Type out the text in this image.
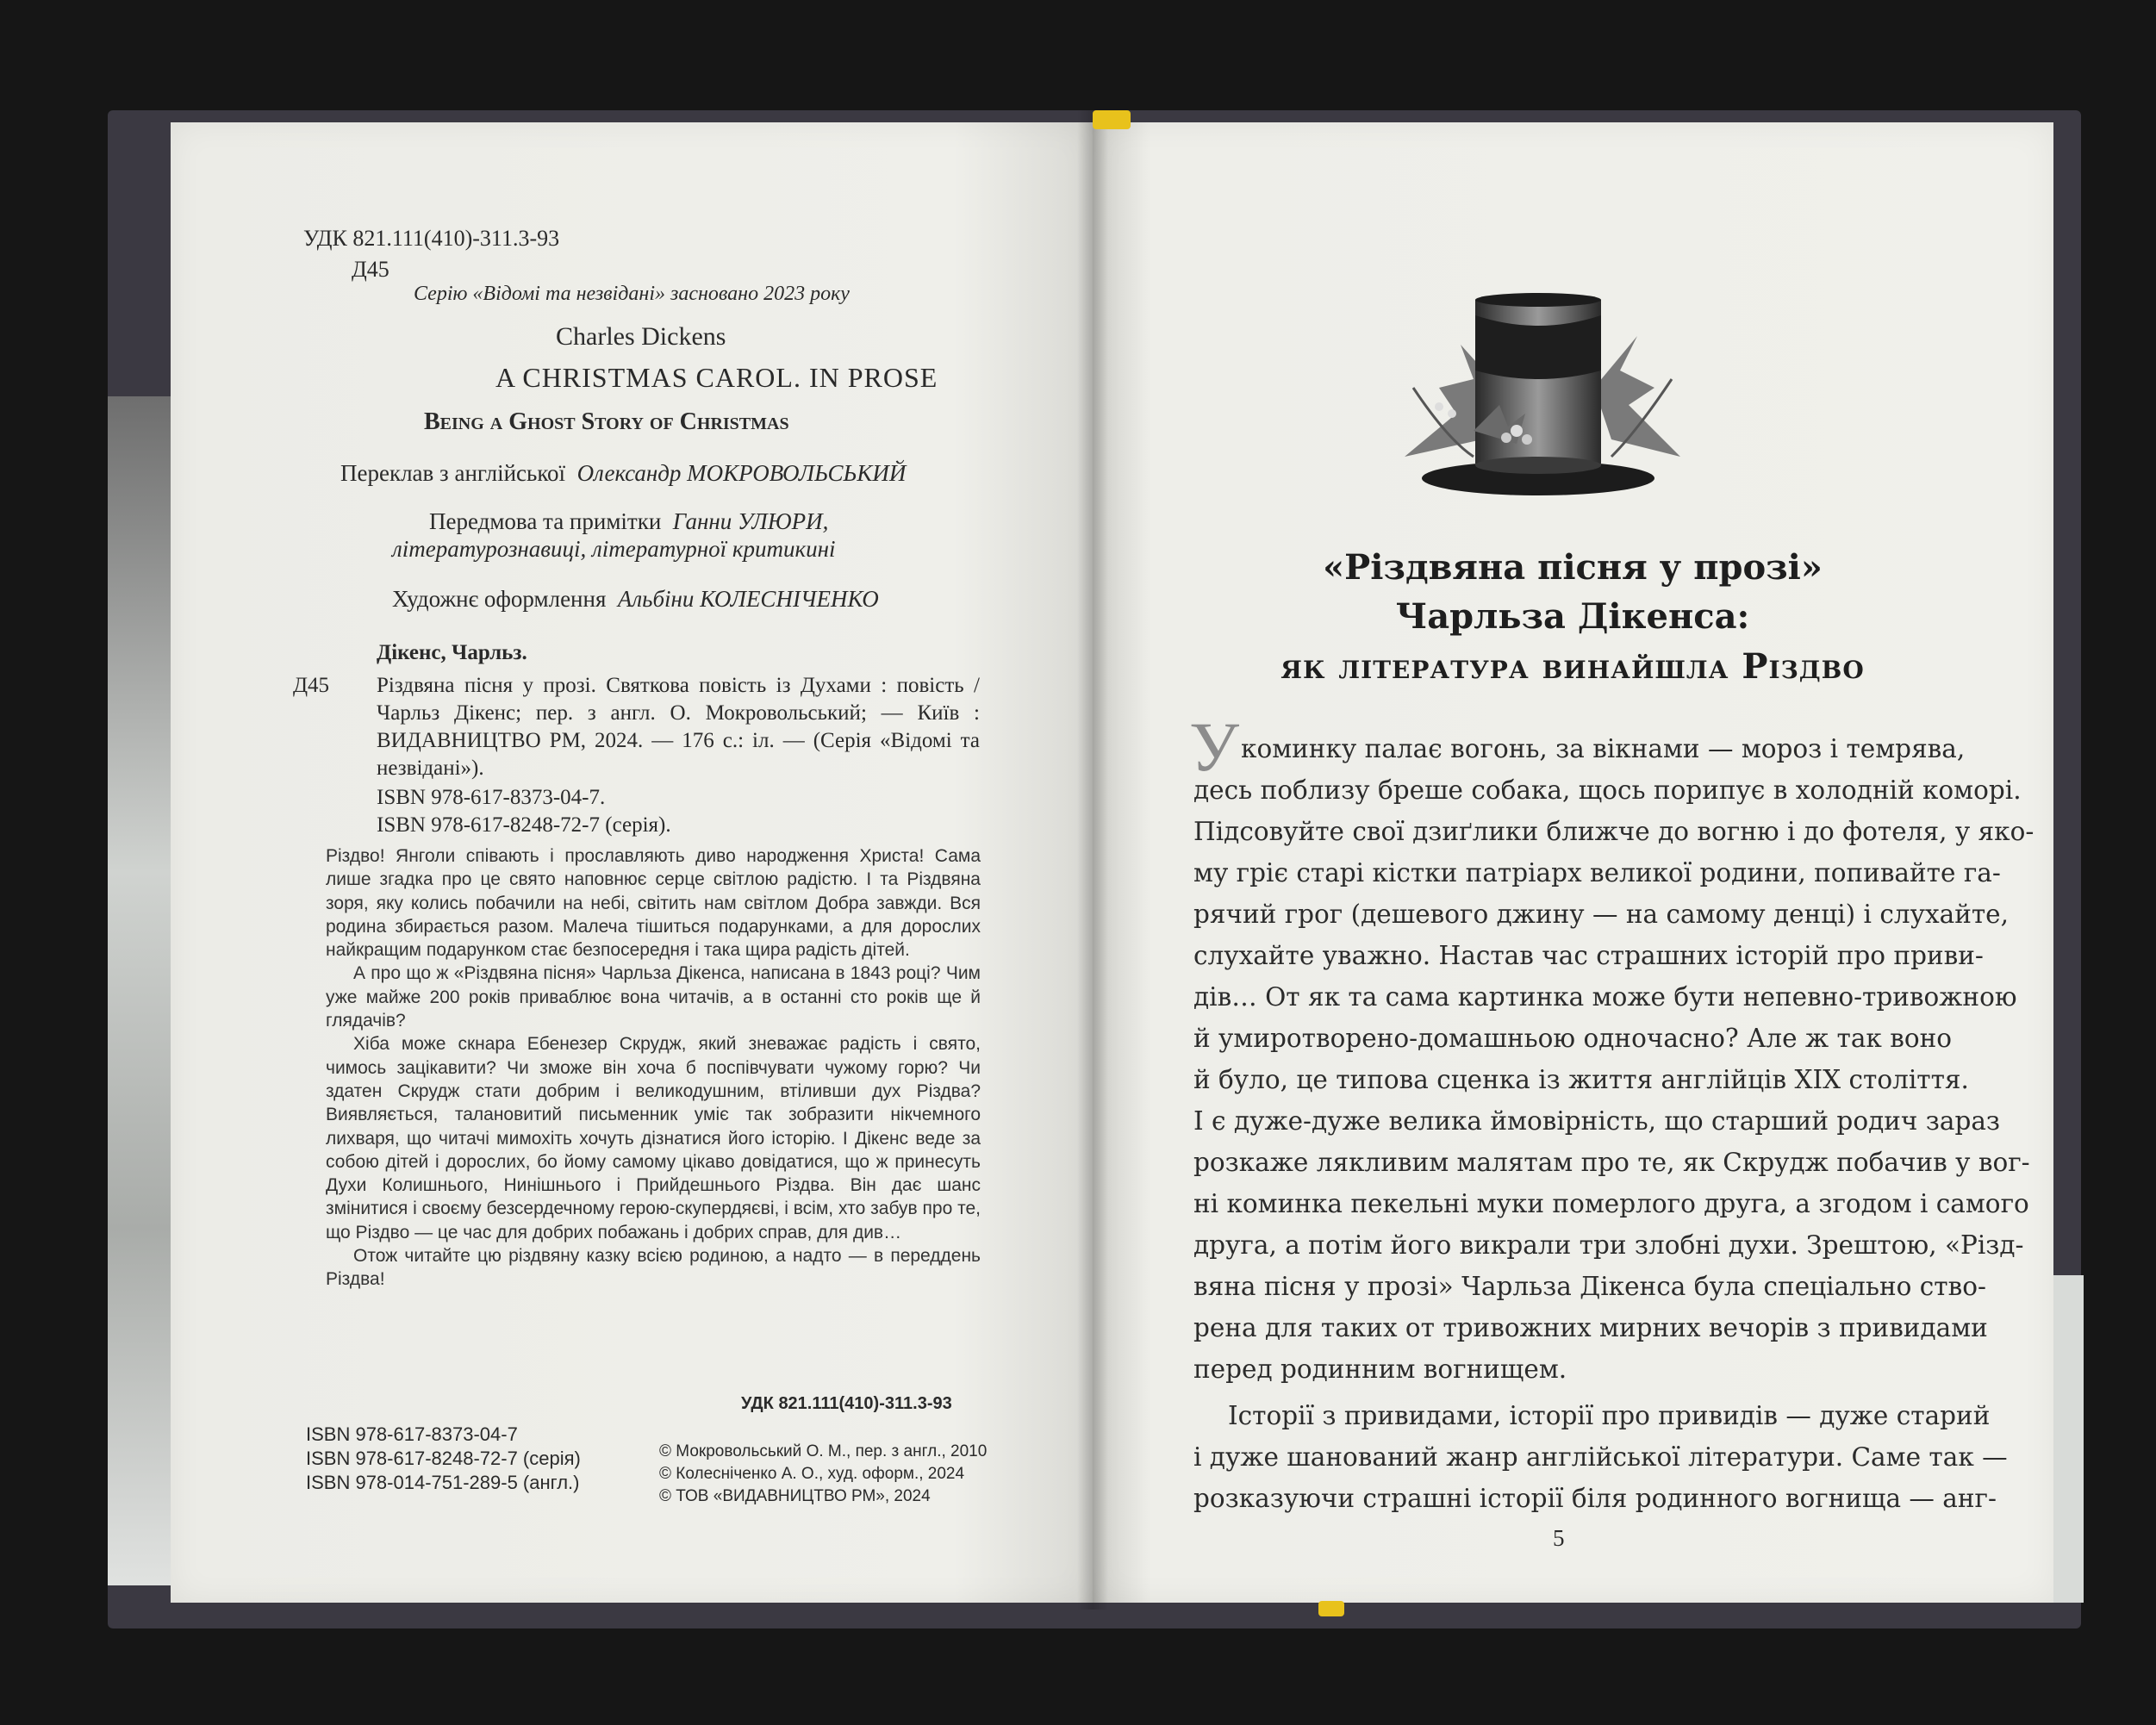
УДК 821.111(410)-311.3-93
Д45
Серію «Відомі та незвідані» засновано 2023 року
Charles Dickens
A CHRISTMAS CAROL. IN PROSE
Being a Ghost Story of Christmas
Переклав з англійської Олександр МОКРОВОЛЬСЬКИЙ
Передмова та примітки Ганни УЛЮРИ,
літературознавиці, літературної критикині
Художнє оформлення Альбіни КОЛЕСНІЧЕНКО
Дікенс, Чарльз.
Д45 Різдвяна пісня у прозі. Святкова повість із Духами : повість / Чарльз Дікенс; пер. з англ. О. Мокровольський; — Київ : ВИДАВНИЦТВО РМ, 2024. — 176 с.: іл. — (Серія «Відомі та незвідані»).
ISBN 978-617-8373-04-7.
ISBN 978-617-8248-72-7 (серія).

Різдво! Янголи співають і прославляють диво народження Христа! Сама лише згадка про це свято наповнює серце світлою радістю. І та Різдвяна зоря, яку колись побачили на небі, світить нам світлом Добра завжди. Вся родина збирається разом. Малеча тішиться подарунками, а для дорослих найкращим подарунком стає безпосередня і така щира радість дітей.

А про що ж «Різдвяна пісня» Чарльза Дікенса, написана в 1843 році? Чим уже майже 200 років приваблює вона читачів, а в останні сто років ще й глядачів?

Хіба може скнара Ебенезер Скрудж, який зневажає радість і свято, чимось зацікавити? Чи зможе він хоча б поспівчувати чужому горю? Чи здатен Скрудж стати добрим і великодушним, втіливши дух Різдва? Виявляється, талановитий письменник уміє так зобразити нікчемного лихваря, що читачі мимохіть хочуть дізнатися його історію. І Дікенс веде за собою дітей і дорослих, бо йому самому цікаво довідатися, що ж принесуть Духи Колишнього, Нинішнього і Прийдешнього Різдва. Він дає шанс змінитися і своєму безсердечному герою-скупердяєві, і всім, хто забув про те, що Різдво — це час для добрих побажань і добрих справ, для див…

Отож читайте цю різдвяну казку всією родиною, а надто — в переддень Різдва!

УДК 821.111(410)-311.3-93
ISBN 978-617-8373-04-7
ISBN 978-617-8248-72-7 (серія)
ISBN 978-014-751-289-5 (англ.)
© Мокровольський О. М., пер. з англ., 2010
© Колесніченко А. О., худ. оформ., 2024
© ТОВ «ВИДАВНИЦТВО РМ», 2024
«Різдвяна пісня у прозі»
Чарльза Дікенса:
як література винайшла Різдво
У коминку палає вогонь, за вікнами — мороз і темрява,
десь поблизу бреше собака, щось порипує в холодній коморі.
Підсовуйте свої дзиґлики ближче до вогню і до фотеля, у яко-
му гріє старі кістки патріарх великої родини, попивайте га-
рячий грог (дешевого джину — на самому денці) і слухайте,
слухайте уважно. Настав час страшних історій про приви-
дів… От як та сама картинка може бути непевно-тривожною
й умиротворено-домашньою одночасно? Але ж так воно
й було, це типова сценка із життя англійців XIX століття.
І є дуже-дуже велика ймовірність, що старший родич зараз
розкаже лякливим малятам про те, як Скрудж побачив у вог-
ні коминка пекельні муки померлого друга, а згодом і самого
друга, а потім його викрали три злобні духи. Зрештою, «Різд-
вяна пісня у прозі» Чарльза Дікенса була спеціально ство-
рена для таких от тривожних мирних вечорів з привидами
перед родинним вогнищем.
Історії з привидами, історії про привидів — дуже старий
і дуже шанований жанр англійської літератури. Саме так —
розказуючи страшні історії біля родинного вогнища — анг-
5
